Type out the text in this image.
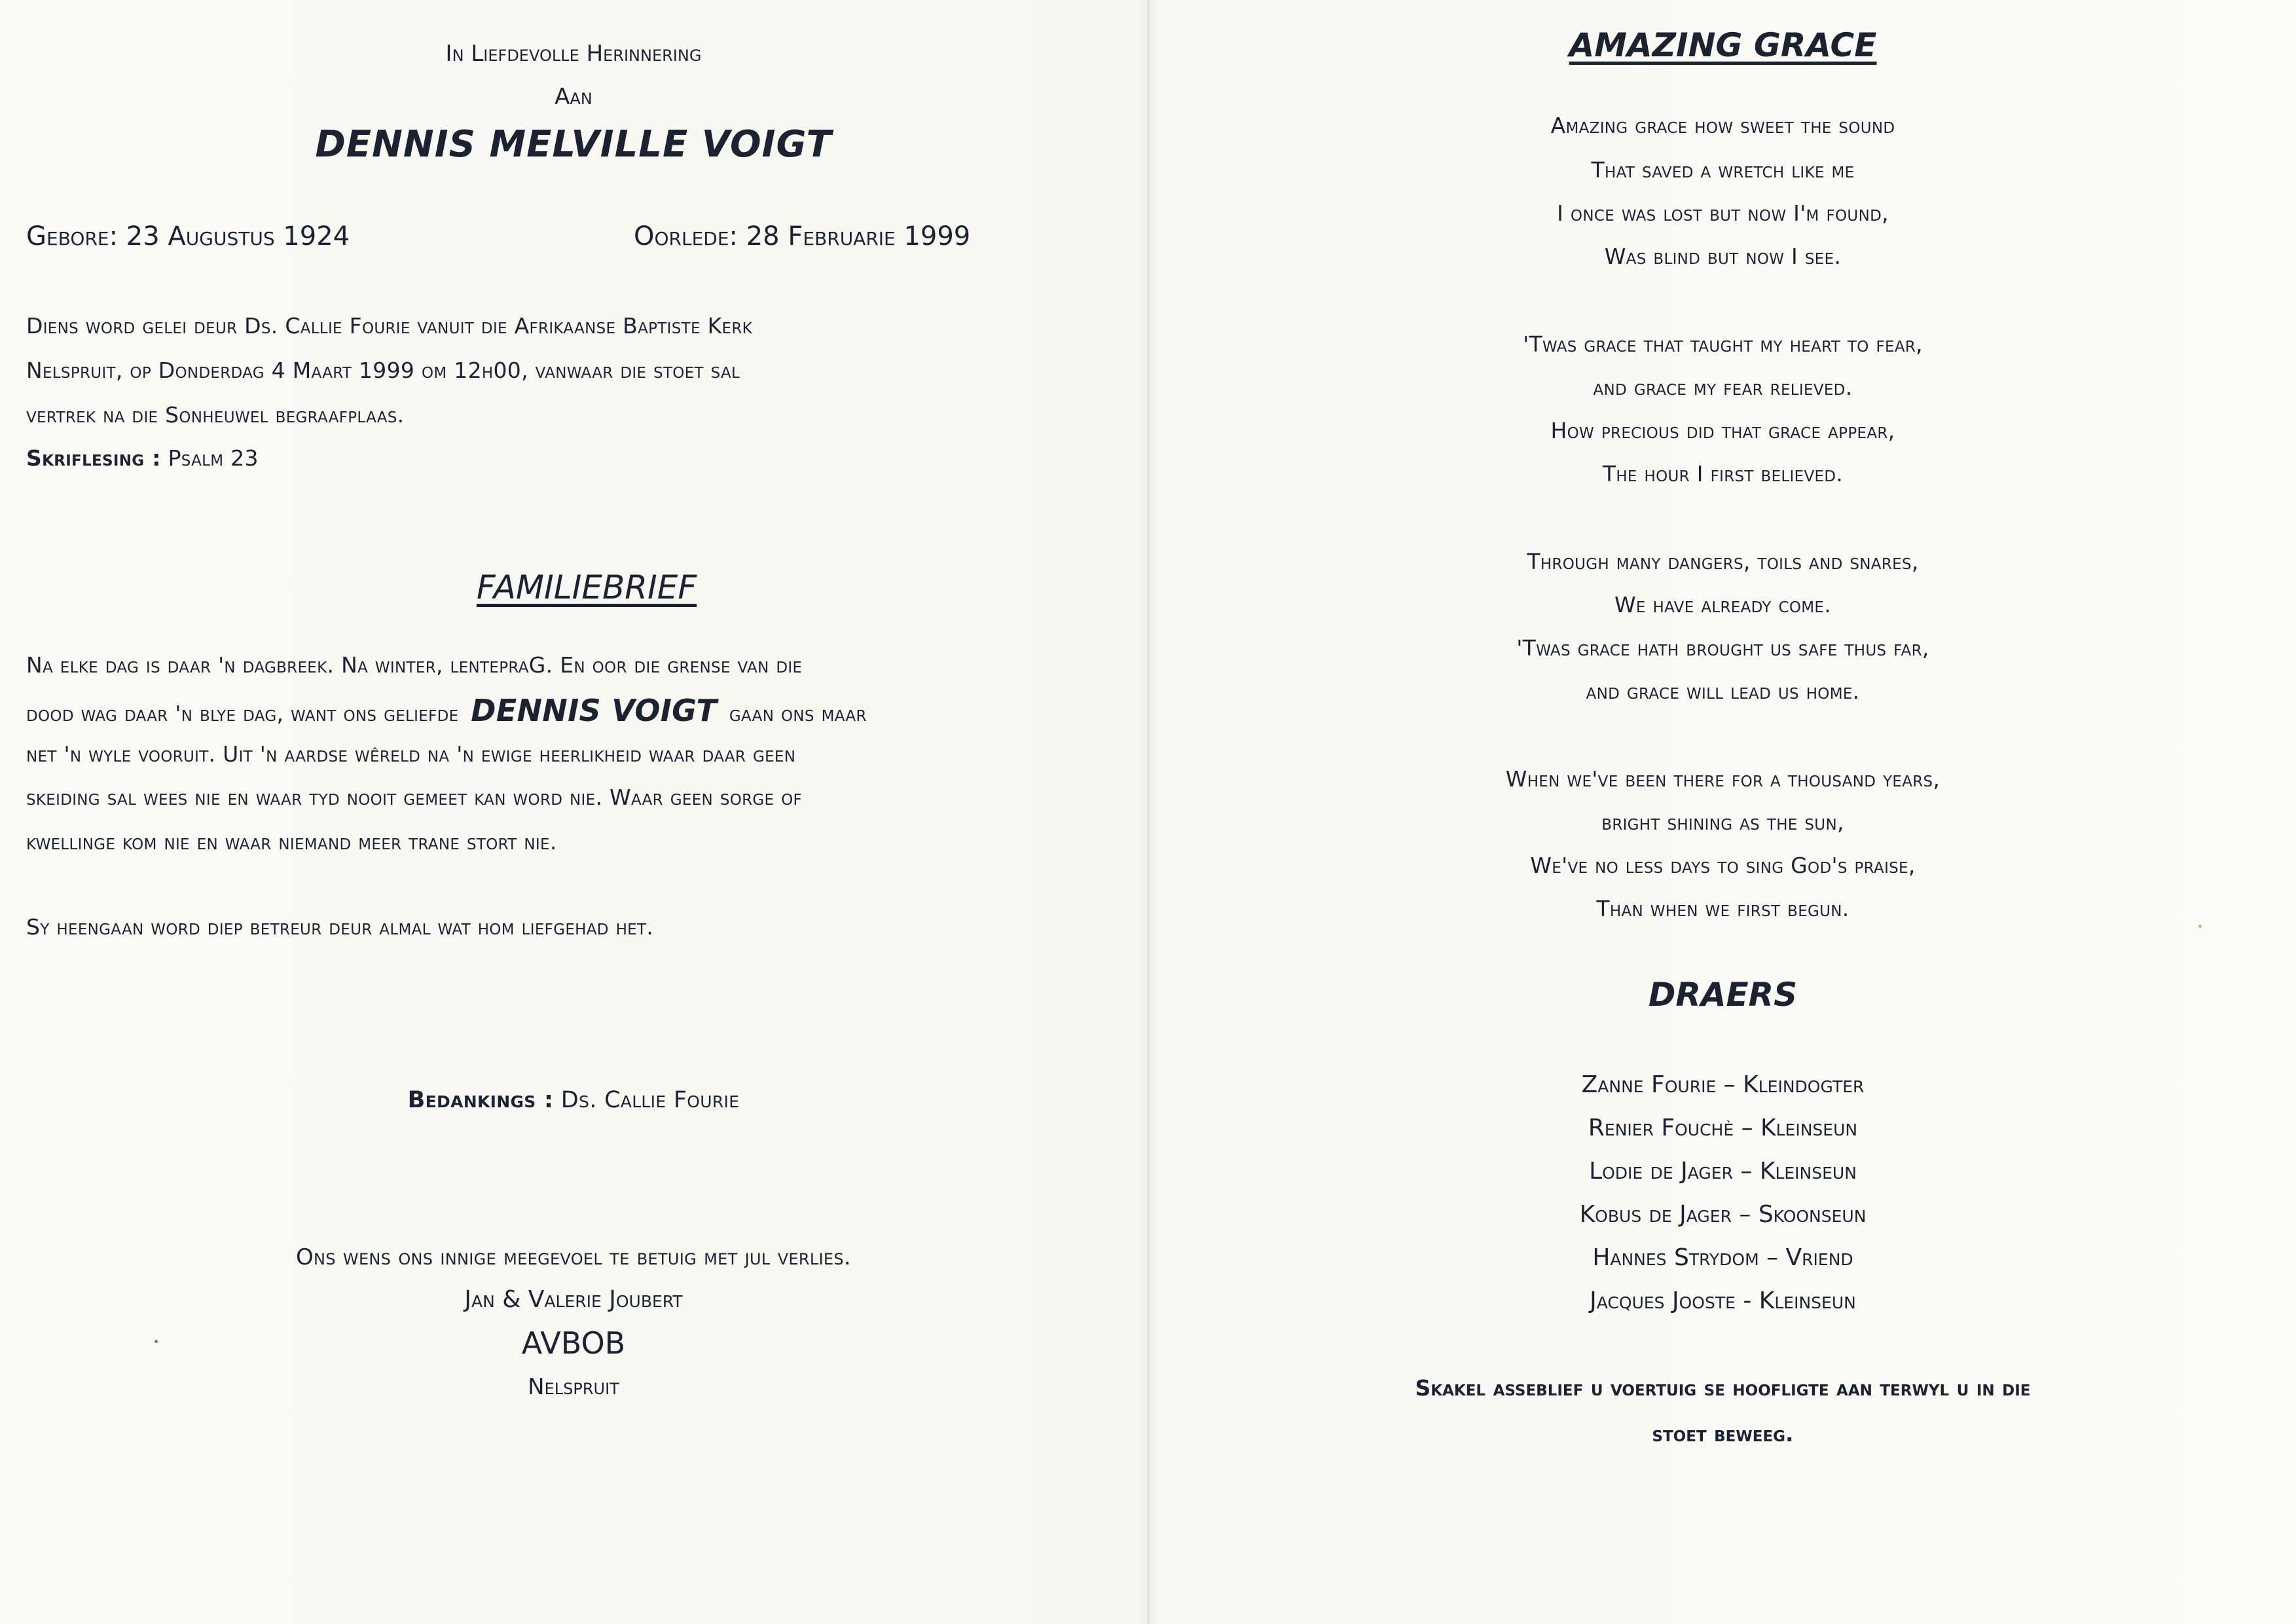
In Liefdevolle Herinnering
Aan
DENNIS MELVILLE VOIGT
Gebore: 23 Augustus 1924	Oorlede: 28 Februarie 1999
Diens word gelei deur Ds. Callie Fourie vanuit die Afrikaanse Baptiste Kerk
Nelspruit, op Donderdag 4 Maart 1999 om 12h00, vanwaar die stoet sal
vertrek na die Sonheuwel begraafplaas.
Skriflesing : Psalm 23
FAMILIEBRIEF
Na elke dag is daar 'n dagbreek. Na winter, lentepraG. En oor die grense van die
dood wag daar 'n blye dag, want ons geliefde DENNIS VOIGT gaan ons maar
net 'n wyle vooruit. Uit 'n aardse wêreld na 'n ewige heerlikheid waar daar geen
skeiding sal wees nie en waar tyd nooit gemeet kan word nie. Waar geen sorge of
kwellinge kom nie en waar niemand meer trane stort nie.
Sy heengaan word diep betreur deur almal wat hom liefgehad het.
Bedankings : Ds. Callie Fourie
Ons wens ons innige meegevoel te betuig met jul verlies.
Jan & Valerie Joubert
AVBOB
Nelspruit
AMAZING GRACE
Amazing grace how sweet the sound
That saved a wretch like me
I once was lost but now I'm found,
Was blind but now I see.
'Twas grace that taught my heart to fear,
and grace my fear relieved.
How precious did that grace appear,
The hour I first believed.
Through many dangers, toils and snares,
We have already come.
'Twas grace hath brought us safe thus far,
and grace will lead us home.
When we've been there for a thousand years,
bright shining as the sun,
We've no less days to sing God's praise,
Than when we first begun.
DRAERS
Zanne Fourie – Kleindogter
Renier Fouchè – Kleinseun
Lodie de Jager – Kleinseun
Kobus de Jager – Skoonseun
Hannes Strydom – Vriend
Jacques Jooste - Kleinseun
Skakel asseblief u voertuig se hoofligte aan terwyl u in die
stoet beweeg.
